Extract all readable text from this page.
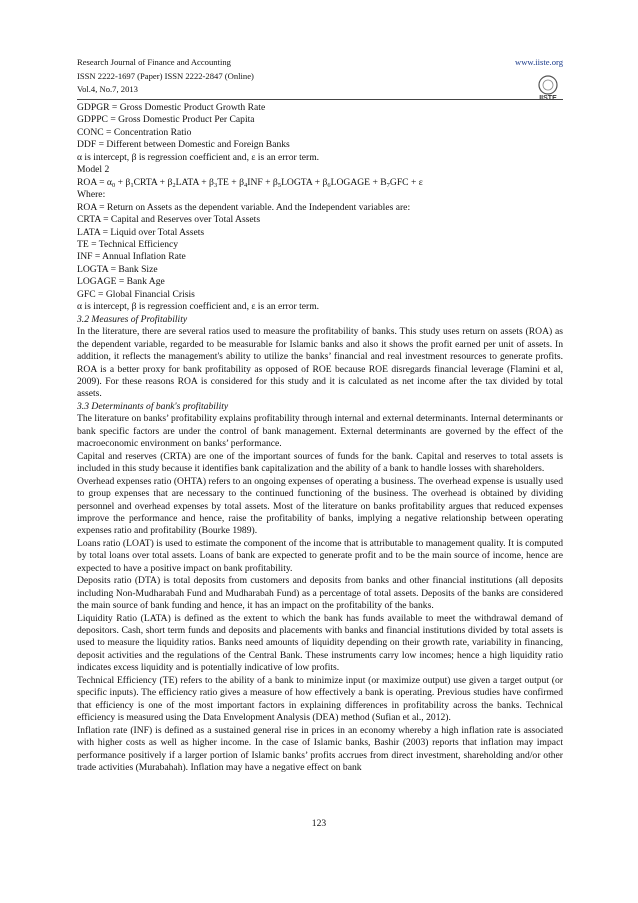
Research Journal of Finance and Accounting	www.iiste.org
ISSN 2222-1697 (Paper) ISSN 2222-2847 (Online)
Vol.4, No.7, 2013
IISTE
GDPGR = Gross Domestic Product Growth Rate
GDPPC = Gross Domestic Product Per Capita
CONC = Concentration Ratio
DDF = Different between Domestic and Foreign Banks
α is intercept, β is regression coefficient and, ε is an error term.
Model 2
ROA = $\alpha_0$ + $\beta_1CRTA$ + $\beta_2LATA + \beta_3TE + \beta_4INF$ + $\beta_5LOGTA$ + $\beta_6LOGAGE + B_7GFC + \varepsilon$
Where:
ROA = Return on Assets as the dependent variable. And the Independent variables are:
CRTA = Capital and Reserves over Total Assets
LATA = Liquid over Total Assets
TE = Technical Efficiency
INF = Annual Inflation Rate
LOGTA = Bank Size
LOGAGE = Bank Age
GFC = Global Financial Crisis
α is intercept, β is regression coefficient and, ε is an error term.
3.2 Measures of Profitability

In the literature, there are several ratios used to measure the profitability of banks. This study uses return on assets (ROA) as the dependent variable, regarded to be measurable for Islamic banks and also it shows the profit earned per unit of assets. In addition, it reflects the management's ability to utilize the banks’ financial and real investment resources to generate profits. ROA is a better proxy for bank profitability as opposed of ROE because ROE disregards financial leverage (Flamini et al, 2009). For these reasons ROA is considered for this study and it is calculated as net income after the tax divided by total assets.

3.3 Determinants of bank's profitability

The literature on banks’ profitability explains profitability through internal and external determinants. Internal determinants or bank specific factors are under the control of bank management. External determinants are governed by the effect of the macroeconomic environment on banks’ performance.

Capital and reserves (CRTA) are one of the important sources of funds for the bank. Capital and reserves to total assets is included in this study because it identifies bank capitalization and the ability of a bank to handle losses with shareholders.

Overhead expenses ratio (OHTA) refers to an ongoing expenses of operating a business. The overhead expense is usually used to group expenses that are necessary to the continued functioning of the business. The overhead is obtained by dividing personnel and overhead expenses by total assets. Most of the literature on banks profitability argues that reduced expenses improve the performance and hence, raise the profitability of banks, implying a negative relationship between operating expenses ratio and profitability (Bourke 1989).

Loans ratio (LOAT) is used to estimate the component of the income that is attributable to management quality. It is computed by total loans over total assets. Loans of bank are expected to generate profit and to be the main source of income, hence are expected to have a positive impact on bank profitability.

Deposits ratio (DTA) is total deposits from customers and deposits from banks and other financial institutions (all deposits including Non-Mudharabah Fund and Mudharabah Fund) as a percentage of total assets. Deposits of the banks are considered the main source of bank funding and hence, it has an impact on the profitability of the banks.

Liquidity Ratio (LATA) is defined as the extent to which the bank has funds available to meet the withdrawal demand of depositors. Cash, short term funds and deposits and placements with banks and financial institutions divided by total assets is used to measure the liquidity ratios. Banks need amounts of liquidity depending on their growth rate, variability in financing, deposit activities and the regulations of the Central Bank. These instruments carry low incomes; hence a high liquidity ratio indicates excess liquidity and is potentially indicative of low profits.

Technical Efficiency (TE) refers to the ability of a bank to minimize input (or maximize output) use given a target output (or specific inputs). The efficiency ratio gives a measure of how effectively a bank is operating. Previous studies have confirmed that efficiency is one of the most important factors in explaining differences in profitability across the banks. Technical efficiency is measured using the Data Envelopment Analysis (DEA) method (Sufian et al., 2012).

Inflation rate (INF) is defined as a sustained general rise in prices in an economy whereby a high inflation rate is associated with higher costs as well as higher income. In the case of Islamic banks, Bashir (2003) reports that inflation may impact performance positively if a larger portion of Islamic banks’ profits accrues from direct investment, shareholding and/or other trade activities (Murabahah). Inflation may have a negative effect on bank

123
